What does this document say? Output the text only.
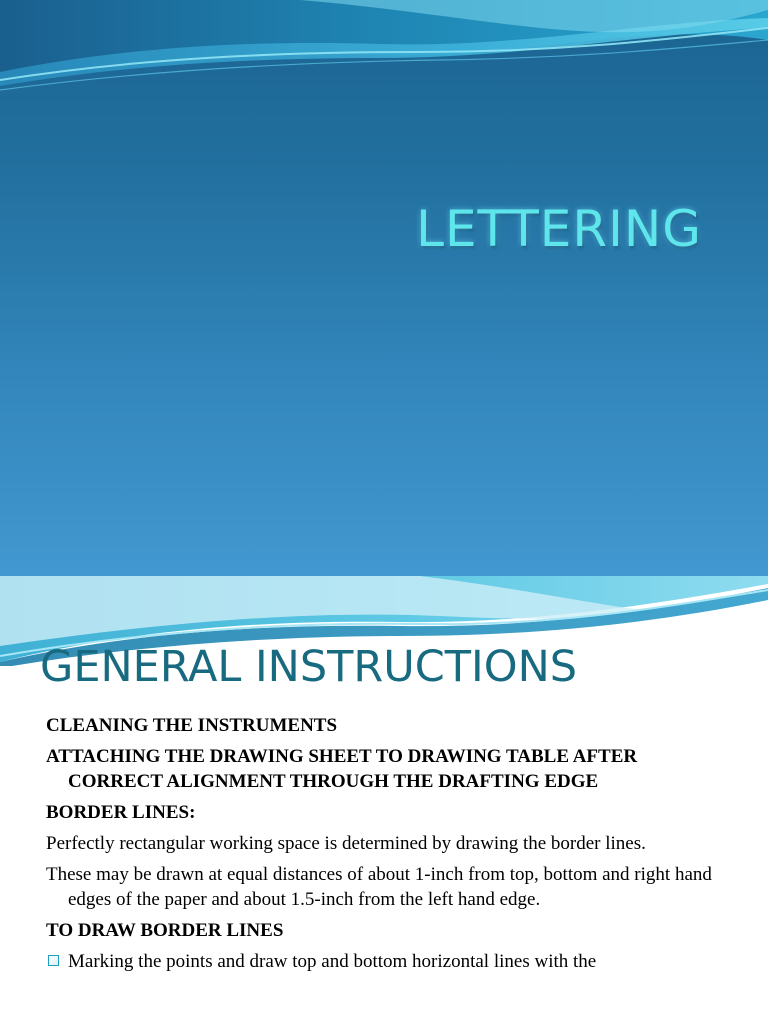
LETTERING
GENERAL INSTRUCTIONS

CLEANING THE INSTRUMENTS

ATTACHING THE DRAWING SHEET TO DRAWING TABLE AFTER CORRECT ALIGNMENT THROUGH THE DRAFTING EDGE

BORDER LINES:

Perfectly rectangular working space is determined by drawing the border lines.

These may be drawn at equal distances of about 1-inch from top, bottom and right hand edges of the paper and about 1.5-inch from the left hand edge.

TO DRAW BORDER LINES

Marking the points and draw top and bottom horizontal lines with the
